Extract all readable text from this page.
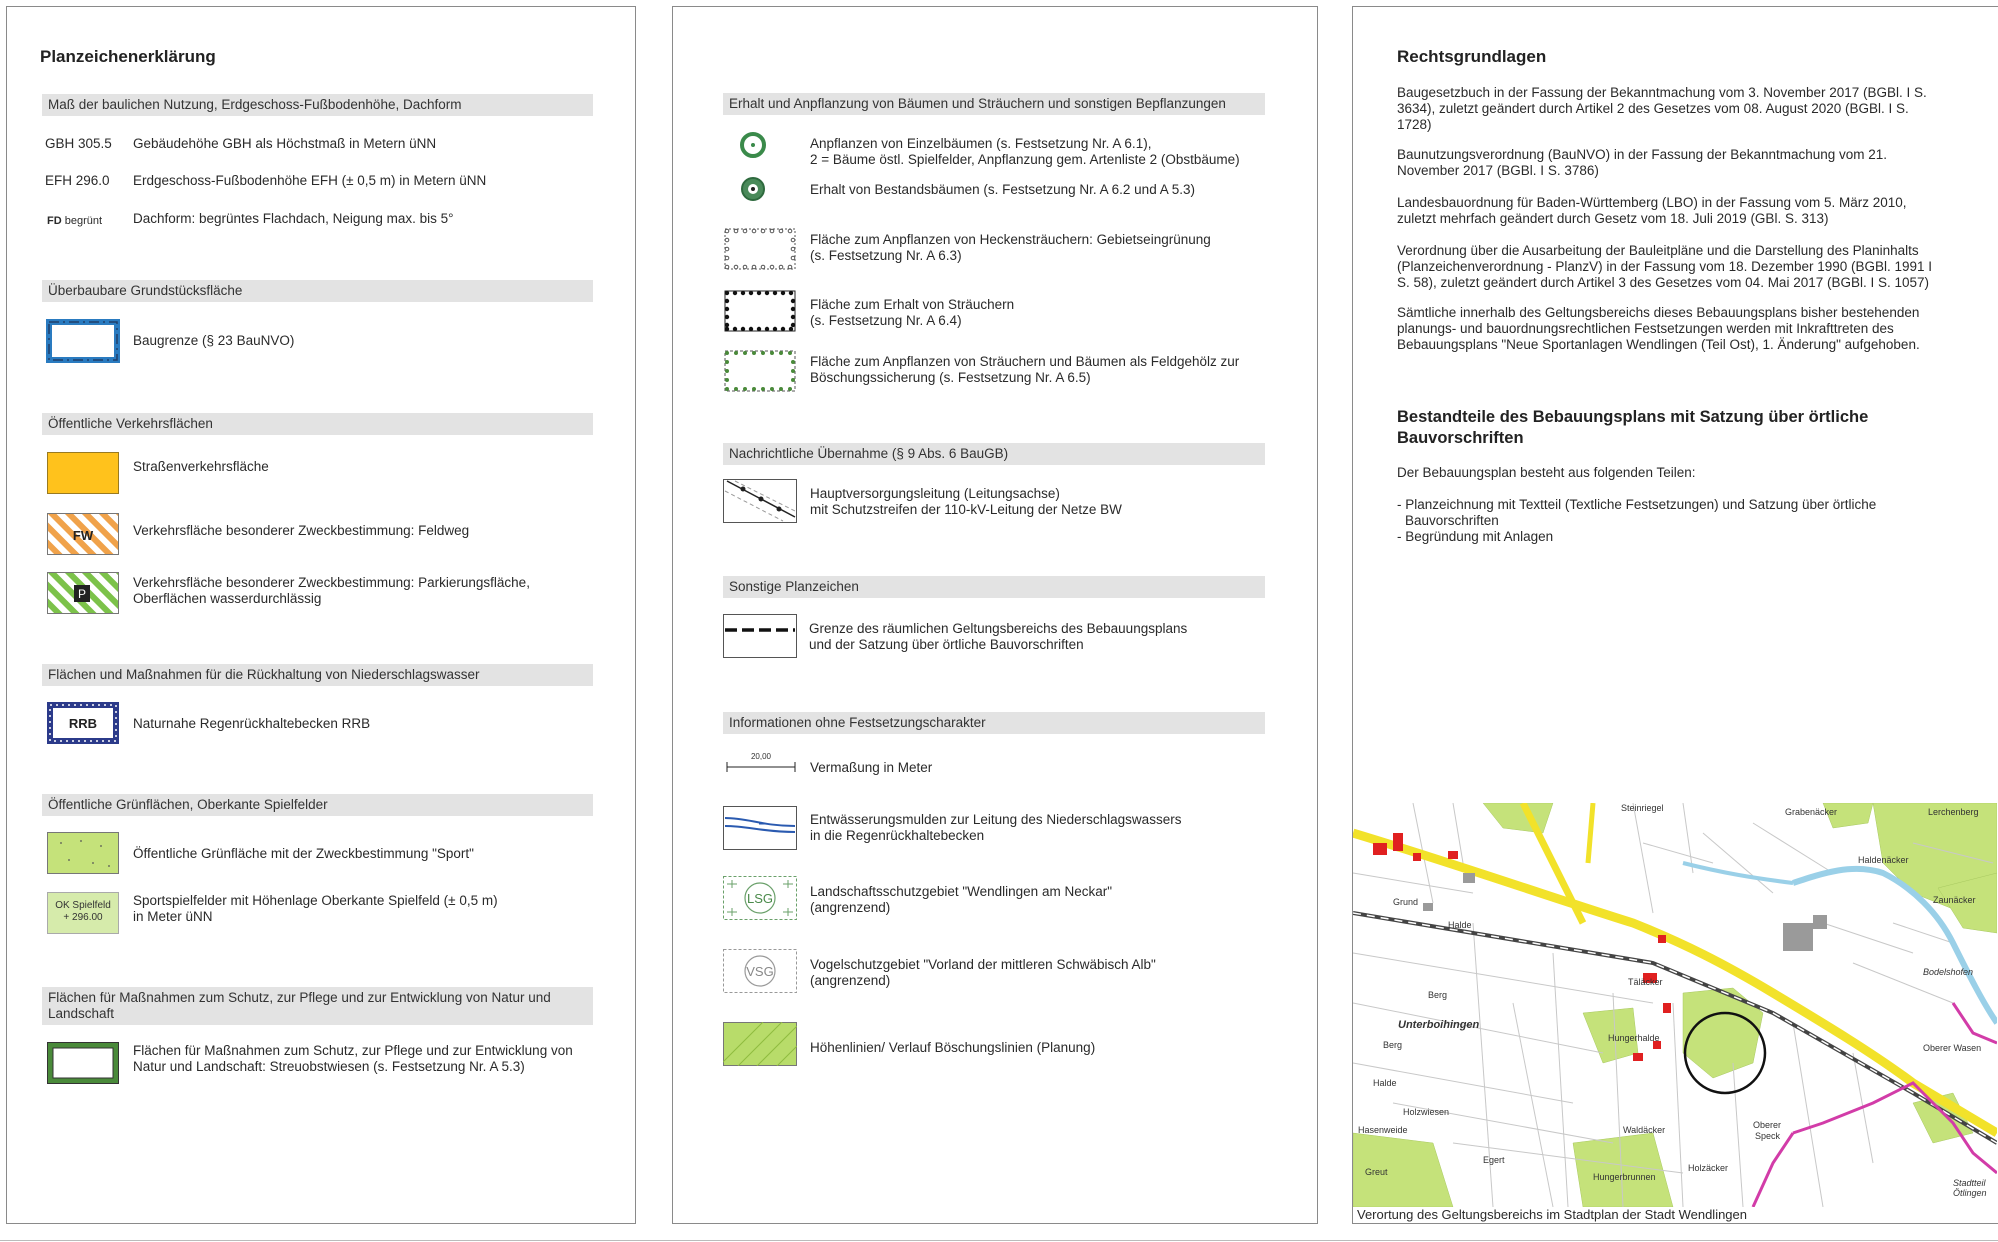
Planzeichenerklärung
Maß der baulichen Nutzung, Erdgeschoss-Fußbodenhöhe, Dachform
GBH 305.5 Gebäudehöhe GBH als Höchstmaß in Metern üNN
EFH 296.0 Erdgeschoss-Fußbodenhöhe EFH (± 0,5 m) in Metern üNN
FD begrünt Dachform: begrüntes Flachdach, Neigung max. bis 5°
Überbaubare Grundstücksfläche
Baugrenze (§ 23 BauNVO)
Öffentliche Verkehrsflächen
Straßenverkehrsfläche
FW	Verkehrsfläche besonderer Zweckbestimmung: Feldweg
P
Verkehrsfläche besonderer Zweckbestimmung: Parkierungsfläche,
Oberflächen wasserdurchlässig
Flächen und Maßnahmen für die Rückhaltung von Niederschlagswasser
RRB	Naturnahe Regenrückhaltebecken RRB
Öffentliche Grünflächen, Oberkante Spielfelder
Öffentliche Grünfläche mit der Zweckbestimmung "Sport"
OK Spielfeld
+ 296.00
Sportspielfelder mit Höhenlage Oberkante Spielfeld (± 0,5 m)
in Meter üNN
Flächen für Maßnahmen zum Schutz, zur Pflege und zur Entwicklung von Natur und Landschaft
Flächen für Maßnahmen zum Schutz, zur Pflege und zur Entwicklung von
Natur und Landschaft: Streuobstwiesen (s. Festsetzung Nr. A 5.3)
Erhalt und Anpflanzung von Bäumen und Sträuchern und sonstigen Bepflanzungen
Anpflanzen von Einzelbäumen (s. Festsetzung Nr. A 6.1),
2 = Bäume östl. Spielfelder, Anpflanzung gem. Artenliste 2 (Obstbäume)
Erhalt von Bestandsbäumen (s. Festsetzung Nr. A 6.2 und A 5.3)
Fläche zum Anpflanzen von Heckensträuchern: Gebietseingrünung
(s. Festsetzung Nr. A 6.3)
Fläche zum Erhalt von Sträuchern
(s. Festsetzung Nr. A 6.4)
Fläche zum Anpflanzen von Sträuchern und Bäumen als Feldgehölz zur
Böschungssicherung (s. Festsetzung Nr. A 6.5)
Nachrichtliche Übernahme (§ 9 Abs. 6 BauGB)
Hauptversorgungsleitung (Leitungsachse)
mit Schutzstreifen der 110-kV-Leitung der Netze BW
Sonstige Planzeichen
Grenze des räumlichen Geltungsbereichs des Bebauungsplans
und der Satzung über örtliche Bauvorschriften
Informationen ohne Festsetzungscharakter
20,00
Vermaßung in Meter
Entwässerungsmulden zur Leitung des Niederschlagswassers
in die Regenrückhaltebecken
LSG	Landschaftsschutzgebiet "Wendlingen am Neckar"
(angrenzend)
VSG	Vogelschutzgebiet "Vorland der mittleren Schwäbisch Alb"
(angrenzend)
Höhenlinien/ Verlauf Böschungslinien (Planung)
Rechtsgrundlagen
Baugesetzbuch in der Fassung der Bekanntmachung vom 3. November 2017 (BGBl. I S.
3634), zuletzt geändert durch Artikel 2 des Gesetzes vom 08. August 2020 (BGBl. I S.
1728)
Baunutzungsverordnung (BauNVO) in der Fassung der Bekanntmachung vom 21.
November 2017 (BGBl. I S. 3786)
Landesbauordnung für Baden-Württemberg (LBO) in der Fassung vom 5. März 2010,
zuletzt mehrfach geändert durch Gesetz vom 18. Juli 2019 (GBl. S. 313)
Verordnung über die Ausarbeitung der Bauleitpläne und die Darstellung des Planinhalts
(Planzeichenverordnung - PlanzV) in der Fassung vom 18. Dezember 1990 (BGBl. 1991 I
S. 58), zuletzt geändert durch Artikel 3 des Gesetzes vom 04. Mai 2017 (BGBl. I S. 1057)
Sämtliche innerhalb des Geltungsbereichs dieses Bebauungsplans bisher bestehenden
planungs- und bauordnungsrechtlichen Festsetzungen werden mit Inkrafttreten des
Bebauungsplans "Neue Sportanlagen Wendlingen (Teil Ost), 1. Änderung" aufgehoben.
Bestandteile des Bebauungsplans mit Satzung über örtliche
Bauvorschriften
Der Bebauungsplan besteht aus folgenden Teilen:
- Planzeichnung mit Textteil (Textliche Festsetzungen) und Satzung über örtliche
Bauvorschriften
- Begründung mit Anlagen
Grabenäcker	Lerchenberg
Haldenäcker
Zaunäcker
Bodelshofen
Grund
Halde
Berg
Unterboihingen
Berg
Halde
Holzwiesen
Hasenweide
Täläcker
Hungerhalde
Waldäcker	Oberer
Speck
Oberer Wasen
Egert
Greut	Holzäcker
Hungerbrunnen
Stadtteil
Ötlingen
Steinriegel
Verortung des Geltungsbereichs im Stadtplan der Stadt Wendlingen
